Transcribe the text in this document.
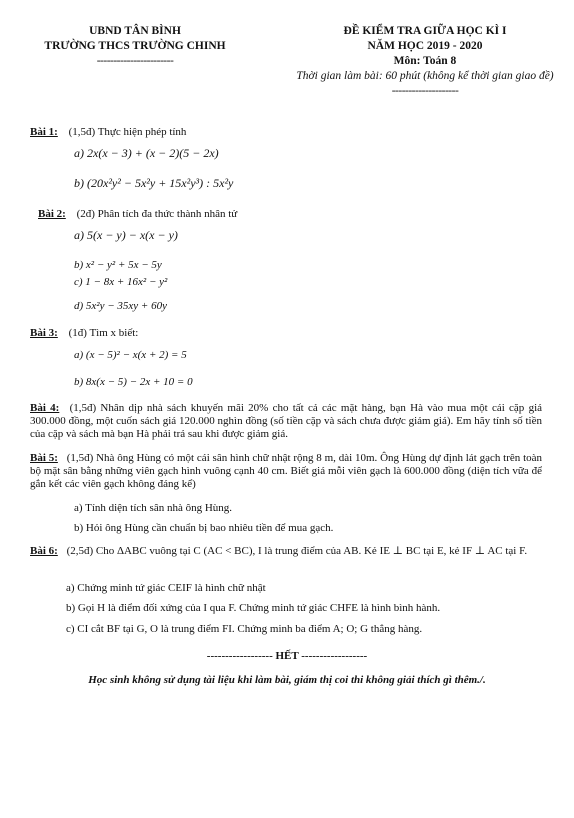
UBND TÂN BÌNH
TRƯỜNG THCS TRƯỜNG CHINH
-----------------------
ĐỀ KIỂM TRA GIỮA HỌC KÌ I
NĂM HỌC 2019 - 2020
Môn: Toán 8
Thời gian làm bài: 60 phút (không kể thời gian giao đề)
--------------------
Bài 1: (1,5đ) Thực hiện phép tính
a) 2x(x − 3) + (x − 2)(5 − 2x)
b) (20x²y² − 5x²y + 15x²y³) : 5x²y
Bài 2: (2đ) Phân tích đa thức thành nhân tử
a) 5(x − y) − x(x − y)
b) x² − y² + 5x − 5y
c) 1 − 8x + 16x² − y²
d) 5x²y − 35xy + 60y
Bài 3: (1đ) Tìm x biết:
a) (x − 5)² − x(x + 2) = 5
b) 8x(x − 5) − 2x + 10 = 0
Bài 4: (1,5đ) Nhân dịp nhà sách khuyến mãi 20% cho tất cả các mặt hàng, bạn Hà vào mua một cái cặp giá 300.000 đồng, một cuốn sách giá 120.000 nghìn đồng (số tiền cặp và sách chưa được giảm giá). Em hãy tính số tiền của cặp và sách mà bạn Hà phải trả sau khi được giảm giá.
Bài 5: (1,5đ) Nhà ông Hùng có một cái sân hình chữ nhật rộng 8 m, dài 10m. Ông Hùng dự định lát gạch trên toàn bộ mặt sân bằng những viên gạch hình vuông cạnh 40 cm. Biết giá mỗi viên gạch là 600.000 đồng (diện tích vữa để gắn kết các viên gạch không đáng kể)
a) Tính diện tích sân nhà ông Hùng.
b) Hỏi ông Hùng cần chuẩn bị bao nhiêu tiền để mua gạch.
Bài 6: (2,5đ) Cho ΔABC vuông tại C (AC < BC), I là trung điểm của AB. Kẻ IE ⊥ BC tại E, kẻ IF ⊥ AC tại F.
a) Chứng minh tứ giác CEIF là hình chữ nhật
b) Gọi H là điểm đối xứng của I qua F. Chứng minh tứ giác CHFE là hình bình hành.
c) CI cắt BF tại G, O là trung điểm FI. Chứng minh ba điểm A; O; G thẳng hàng.
------------------ HẾT ------------------
Học sinh không sử dụng tài liệu khi làm bài, giám thị coi thi không giải thích gì thêm./.
